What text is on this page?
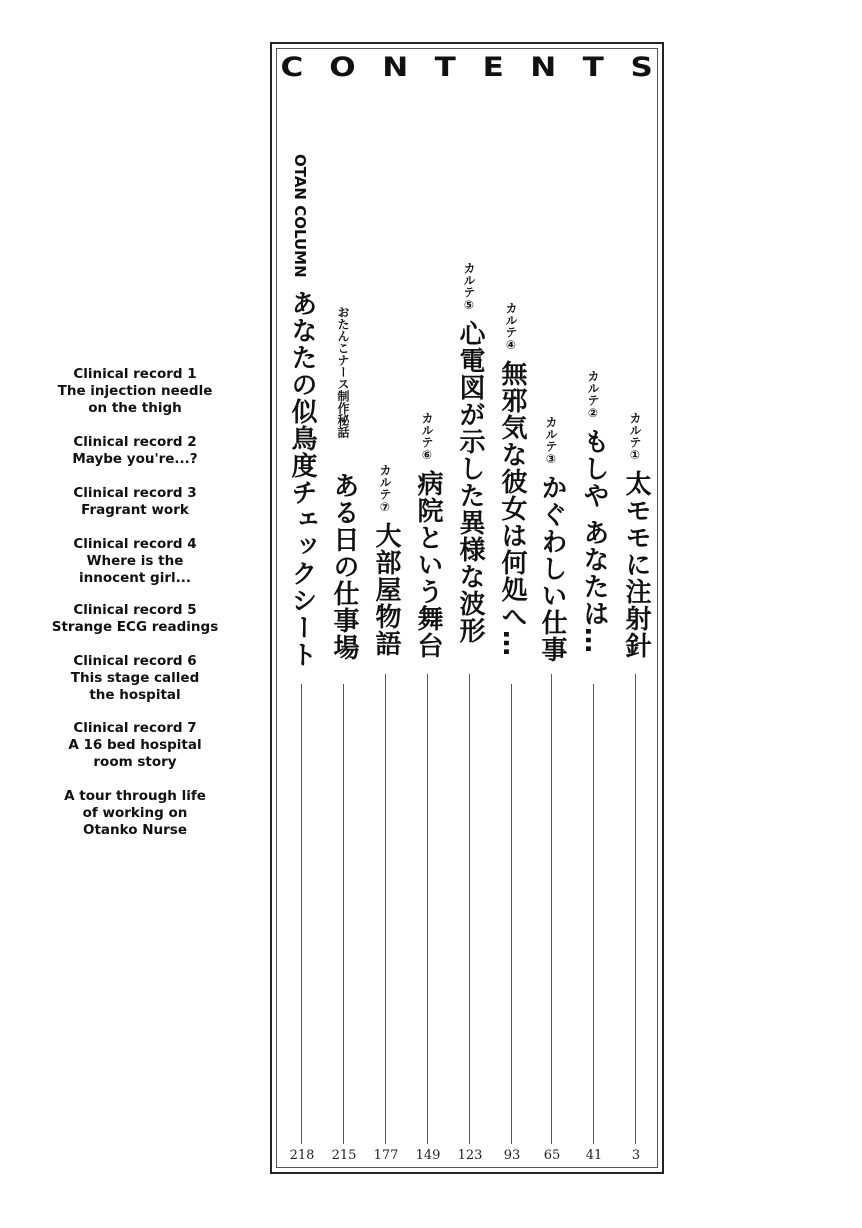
Clinical record 1
The injection needle
on the thigh
Clinical record 2
Maybe you're...?
Clinical record 3
Fragrant work
Clinical record 4
Where is the
innocent girl...
Clinical record 5
Strange ECG readings
Clinical record 6
This stage called
the hospital
Clinical record 7
A 16 bed hospital
room story
A tour through life
of working on
Otanko Nurse
C O N T E N T S
カルテ①
太モモに注射針
3
カルテ②
もしや あなたは…
41
カルテ③
かぐわしい仕事
65
カルテ④
無邪気な彼女は何処へ…
93
カルテ⑤
心電図が示した異様な波形
123
カルテ⑥
病院という舞台
149
カルテ⑦
大部屋物語
177
おたんこナース制作秘話
ある日の仕事場
215
OTAN COLUMN
あなたの似鳥度チェックシート
218
